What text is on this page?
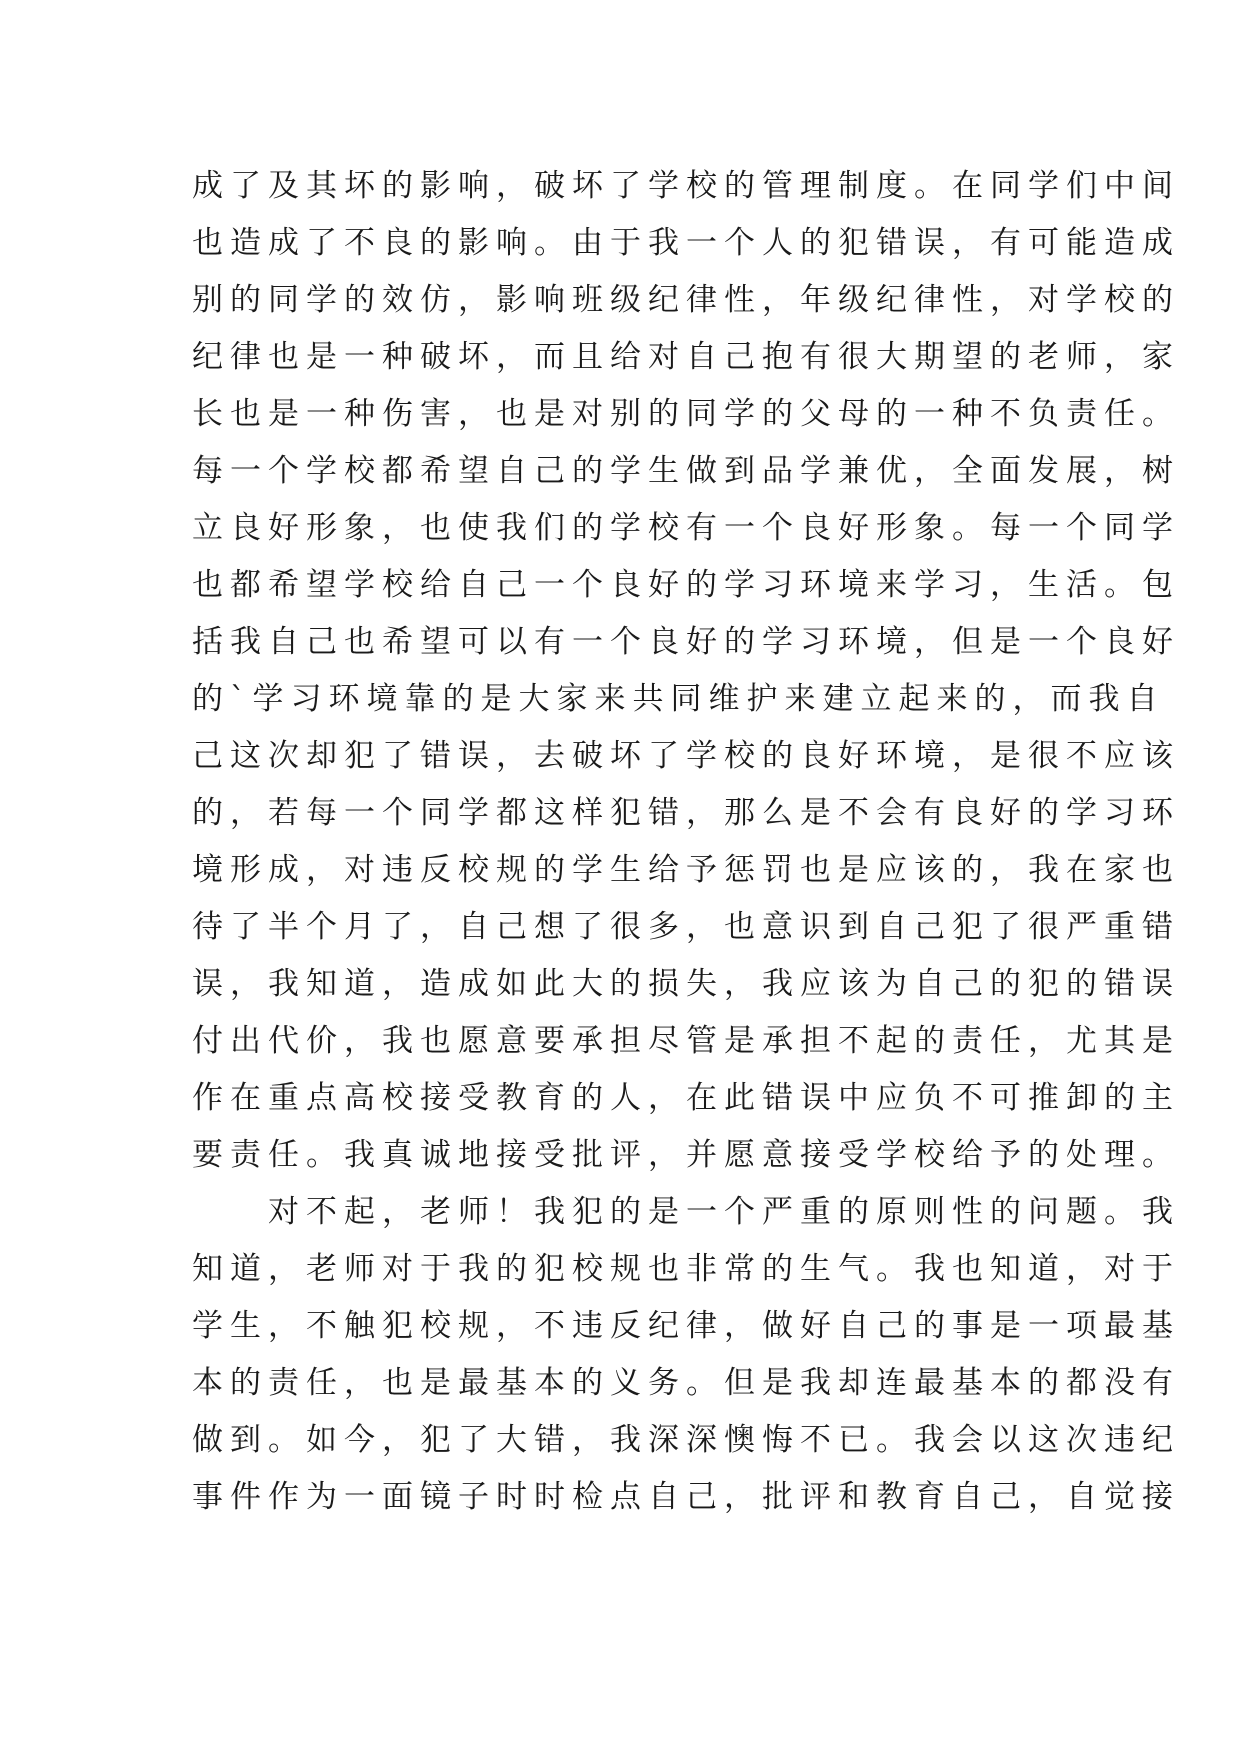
成了及其坏的影响，破坏了学校的管理制度。在同学们中间
也造成了不良的影响。由于我一个人的犯错误，有可能造成
别的同学的效仿，影响班级纪律性，年级纪律性，对学校的
纪律也是一种破坏，而且给对自己抱有很大期望的老师，家
长也是一种伤害，也是对别的同学的父母的一种不负责任。
每一个学校都希望自己的学生做到品学兼优，全面发展，树
立良好形象，也使我们的学校有一个良好形象。每一个同学
也都希望学校给自己一个良好的学习环境来学习，生活。包
括我自己也希望可以有一个良好的学习环境，但是一个良好
的`学习环境靠的是大家来共同维护来建立起来的，而我自
己这次却犯了错误，去破坏了学校的良好环境，是很不应该
的，若每一个同学都这样犯错，那么是不会有良好的学习环
境形成，对违反校规的学生给予惩罚也是应该的，我在家也
待了半个月了，自己想了很多，也意识到自己犯了很严重错
误，我知道，造成如此大的损失，我应该为自己的犯的错误
付出代价，我也愿意要承担尽管是承担不起的责任，尤其是
作在重点高校接受教育的人，在此错误中应负不可推卸的主
要责任。我真诚地接受批评，并愿意接受学校给予的处理。
　　对不起，老师！我犯的是一个严重的原则性的问题。我
知道，老师对于我的犯校规也非常的生气。我也知道，对于
学生，不触犯校规，不违反纪律，做好自己的事是一项最基
本的责任，也是最基本的义务。但是我却连最基本的都没有
做到。如今，犯了大错，我深深懊悔不已。我会以这次违纪
事件作为一面镜子时时检点自己，批评和教育自己，自觉接
